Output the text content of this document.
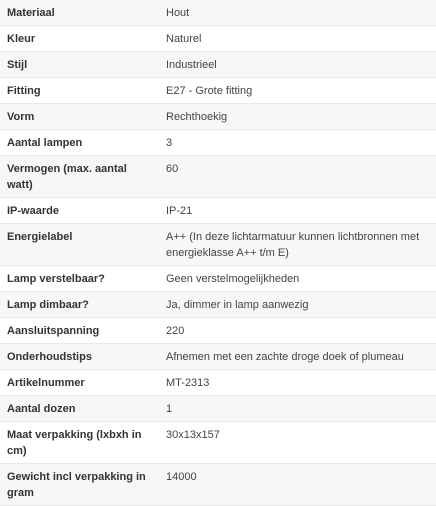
Materiaal	Hout
Kleur	Naturel
Stijl	Industrieel
Fitting	E27 - Grote fitting
Vorm	Rechthoekig
Aantal lampen	3
Vermogen (max. aantal watt)	60
IP-waarde	IP-21
Energielabel	A++ (In deze lichtarmatuur kunnen lichtbronnen met energieklasse A++ t/m E)
Lamp verstelbaar?	Geen verstelmogelijkheden
Lamp dimbaar?	Ja, dimmer in lamp aanwezig
Aansluitspanning	220
Onderhoudstips	Afnemen met een zachte droge doek of plumeau
Artikelnummer	MT-2313
Aantal dozen	1
Maat verpakking (lxbxh in cm)	30x13x157
Gewicht incl verpakking in gram	14000
